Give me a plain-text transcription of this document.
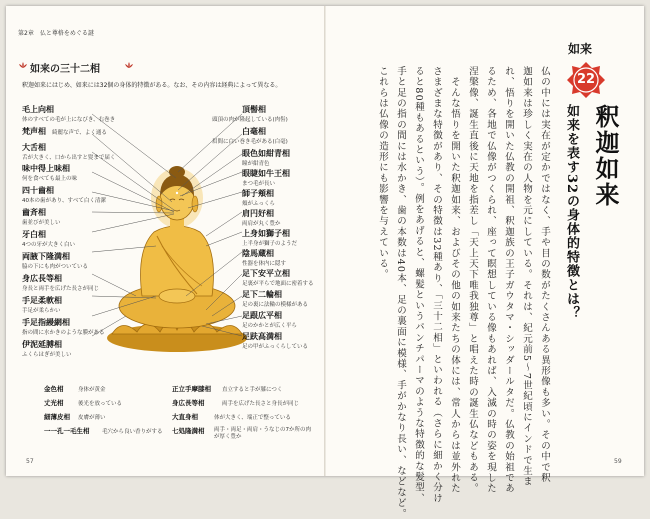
第2章　仏と尊格をめぐる謎
如来の三十二相
釈迦如来にはじめ、如来には32個の身体的特徴がある。なお、その内容は経典によって異なる。
毛上向相
体のすべての毛が上になびき、右巻き
梵声相 綺麗な声で、よく通る
大舌相
舌が大きく、口から出すと髪まで届く
味中得上味相
何を食べても最上の味
四十齒相
40本の歯があり、すべて白く清潔
齒斉相
歯並びが美しい
牙白相
4つの牙が大きく白い
両腋下隆満相
脇の下にも肉がついている
身広長等相
身長と両手を広げた長さが同じ
手足柔軟相
手足が柔らかい
手足指縵網相
指の間に水かきのような膜がある
伊泥延膊相
ふくらはぎが美しい
頂髻相
頭頂の肉が隆起している(肉髻)
白毫相
眉間に白い巻き毛がある(白毫)
眼色如紺青相
瞳が紺青色
眼睫如牛王相
まつ毛が長い
師子頬相
頬がふっくら
肩円好相
両肩が丸く豊か
上身如獅子相
上半身が獅子のようだ
陰馬蔵相
性器を体内に隠す
足下安平立相
足裏が平らで地面に密着する
足下二輪相
足の裏に法輪の模様がある
足跟広平相
足のかかとが広く平ら
足趺高満相
足の甲がふっくらしている
金色相	身体が黄金
丈光相	後光を放っている
細薄皮相 皮膚が薄い
一一孔一毛生相 毛穴から良い香りがする
正立手摩膝相 直立すると手が膝につく
身広長等相	両手を広げた長さと身長が同じ
大直身相	体が大きく、端正で整っている
七処隆満相 両手・両足・両肩・うなじの7か所の肉が厚く豊か
57
如来
22
釈迦如来
如来を表す32の身体的特徴とは？
仏の中には実在が定かではなく、手や目の数がたくさんある異形像も多い。その中で釈
迦如来は珍しく実在の人物を元にしている。それは、紀元前5～7世紀頃にインドで生ま
れ、悟りを開いた仏教の開祖、釈迦族の王子ガウタマ・シッダールタだ。仏教の始祖であ
るため、各地で仏像がつくられ、座って瞑想している像もあれば、入滅の時の姿を現した
涅槃像、誕生直後に天地を指差し「天上天下唯我独尊」と唱えた時の誕生仏などもある。
　そんな悟りを開いた釈迦如来、およびその他の如来たちの体には、常人からは並外れた
さまざまな特徴があり、その特徴は32種あり、「三十二相」といわれる（さらに細かく分け
ると80種もあるという）。例をあげると、螺髪というパンチパーマのような特徴的な髪型、
手と足の指の間には水かき、歯の本数は40本、足の裏面に模様、手がかなり長い、などなど。
これらは仏像の造形にも影響を与えている。
59
